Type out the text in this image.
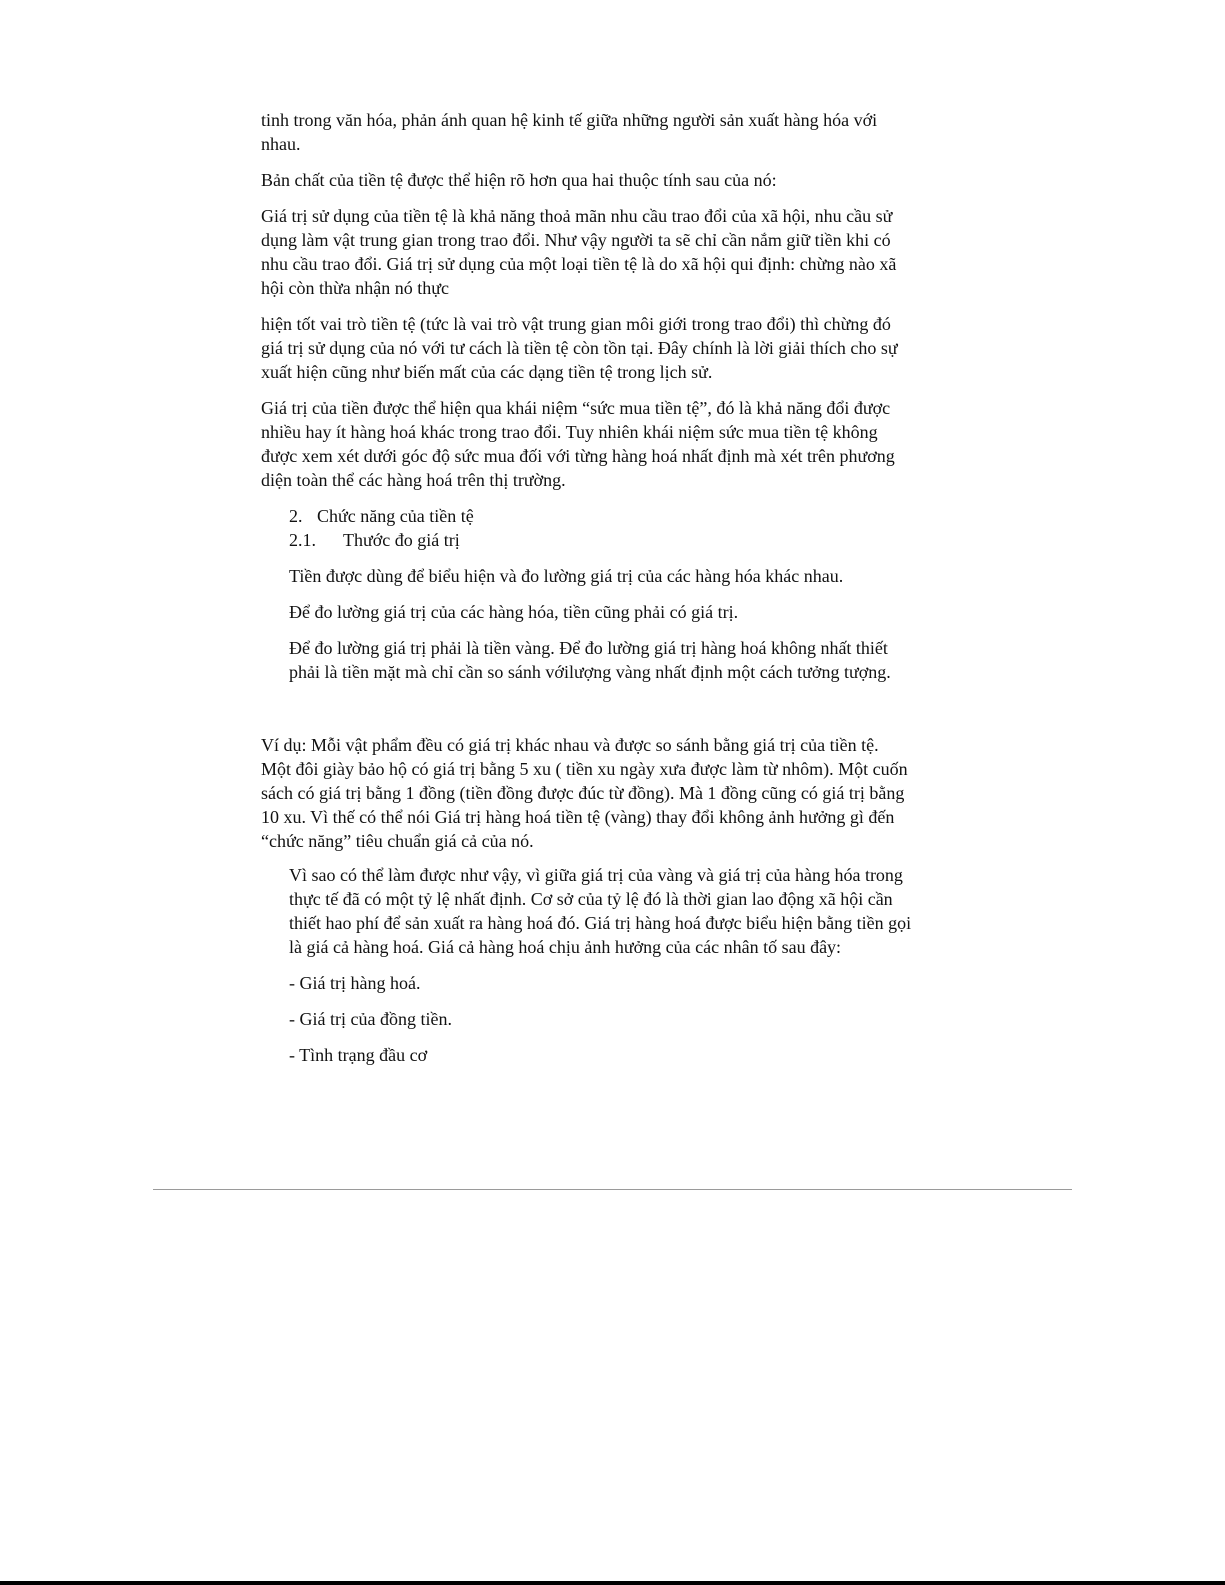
tinh trong văn hóa, phản ánh quan hệ kinh tế giữa những người sản xuất hàng hóa với
nhau.

Bản chất của tiền tệ được thể hiện rõ hơn qua hai thuộc tính sau của nó:

Giá trị sử dụng của tiền tệ là khả năng thoả mãn nhu cầu trao đổi của xã hội, nhu cầu sử
dụng làm vật trung gian trong trao đổi. Như vậy người ta sẽ chỉ cần nắm giữ tiền khi có
nhu cầu trao đổi. Giá trị sử dụng của một loại tiền tệ là do xã hội qui định: chừng nào xã
hội còn thừa nhận nó thực

hiện tốt vai trò tiền tệ (tức là vai trò vật trung gian môi giới trong trao đổi) thì chừng đó
giá trị sử dụng của nó với tư cách là tiền tệ còn tồn tại. Đây chính là lời giải thích cho sự
xuất hiện cũng như biến mất của các dạng tiền tệ trong lịch sử.

Giá trị của tiền được thể hiện qua khái niệm “sức mua tiền tệ”, đó là khả năng đổi được
nhiều hay ít hàng hoá khác trong trao đổi. Tuy nhiên khái niệm sức mua tiền tệ không
được xem xét dưới góc độ sức mua đối với từng hàng hoá nhất định mà xét trên phương
diện toàn thể các hàng hoá trên thị trường.

2. Chức năng của tiền tệ
2.1. Thước đo giá trị

Tiền được dùng để biểu hiện và đo lường giá trị của các hàng hóa khác nhau.

Để đo lường giá trị của các hàng hóa, tiền cũng phải có giá trị.

Để đo lường giá trị phải là tiền vàng. Để đo lường giá trị hàng hoá không nhất thiết
phải là tiền mặt mà chỉ cần so sánh vớilượng vàng nhất định một cách tưởng tượng.

Ví dụ: Mỗi vật phẩm đều có giá trị khác nhau và được so sánh bằng giá trị của tiền tệ.
Một đôi giày bảo hộ có giá trị bằng 5 xu ( tiền xu ngày xưa được làm từ nhôm). Một cuốn
sách có giá trị bằng 1 đồng (tiền đồng được đúc từ đồng). Mà 1 đồng cũng có giá trị bằng
10 xu. Vì thế có thể nói Giá trị hàng hoá tiền tệ (vàng) thay đổi không ảnh hưởng gì đến
“chức năng” tiêu chuẩn giá cả của nó.

Vì sao có thể làm được như vậy, vì giữa giá trị của vàng và giá trị của hàng hóa trong
thực tế đã có một tỷ lệ nhất định. Cơ sở của tỷ lệ đó là thời gian lao động xã hội cần
thiết hao phí để sản xuất ra hàng hoá đó. Giá trị hàng hoá được biểu hiện bằng tiền gọi
là giá cả hàng hoá. Giá cả hàng hoá chịu ảnh hưởng của các nhân tố sau đây:

- Giá trị hàng hoá.

- Giá trị của đồng tiền.

- Tình trạng đầu cơ
